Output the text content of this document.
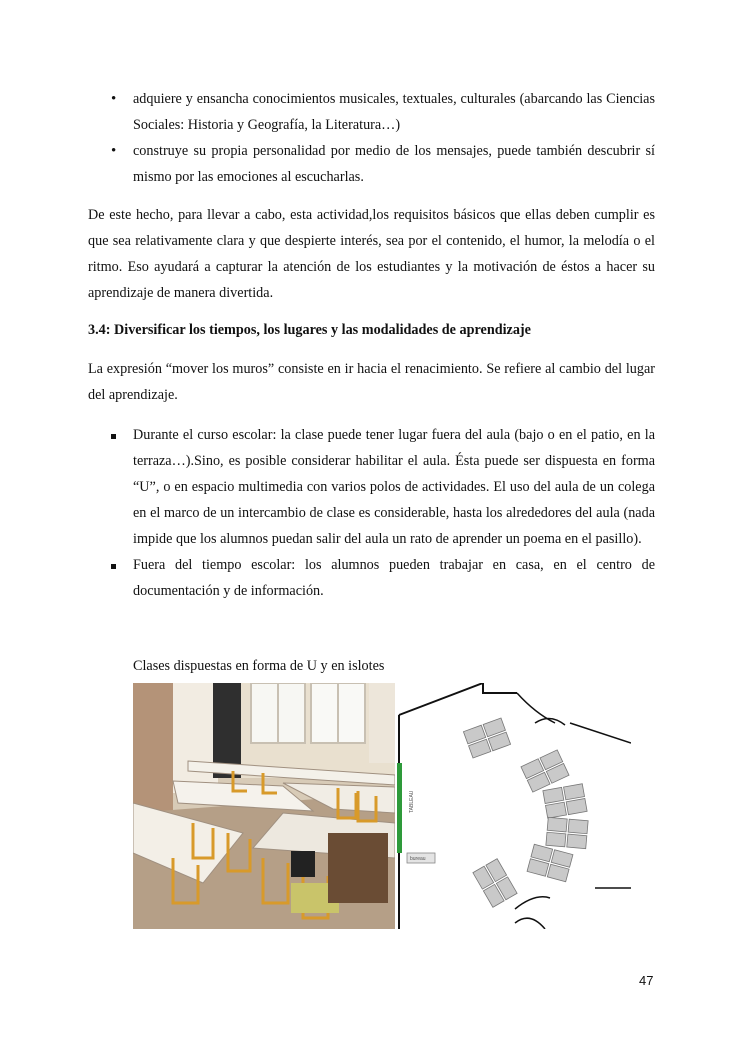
• adquiere y ensancha conocimientos musicales, textuales, culturales (abarcando las Ciencias Sociales: Historia y Geografía, la Literatura…)
• construye su propia personalidad por medio de los mensajes, puede también descubrir sí mismo por las emociones al escucharlas.

De este hecho, para llevar a cabo, esta actividad,los requisitos básicos que ellas deben cumplir es que sea relativamente clara y que despierte interés, sea por el contenido, el humor, la melodía o el ritmo. Eso ayudará a capturar la atención de los estudiantes y la motivación de éstos a hacer su aprendizaje de manera divertida.

3.4: Diversificar los tiempos, los lugares y las modalidades de aprendizaje

La expresión “mover los muros” consiste en ir hacia el renacimiento. Se refiere al cambio del lugar del aprendizaje.

Durante el curso escolar: la clase puede tener lugar fuera del aula (bajo o en el patio, en la terraza…).Sino, es posible considerar habilitar el aula. Ésta puede ser dispuesta en forma “U”, o en espacio multimedia con varios polos de actividades. El uso del aula de un colega en el marco de un intercambio de clase es considerable, hasta los alrededores del aula (nada impide que los alumnos puedan salir del aula un rato de aprender un poema en el pasillo).
Fuera del tiempo escolar: los alumnos pueden trabajar en casa, en el centro de documentación y de información.
Clases dispuestas en forma de U y en islotes
TABLEAU
bureau
47
